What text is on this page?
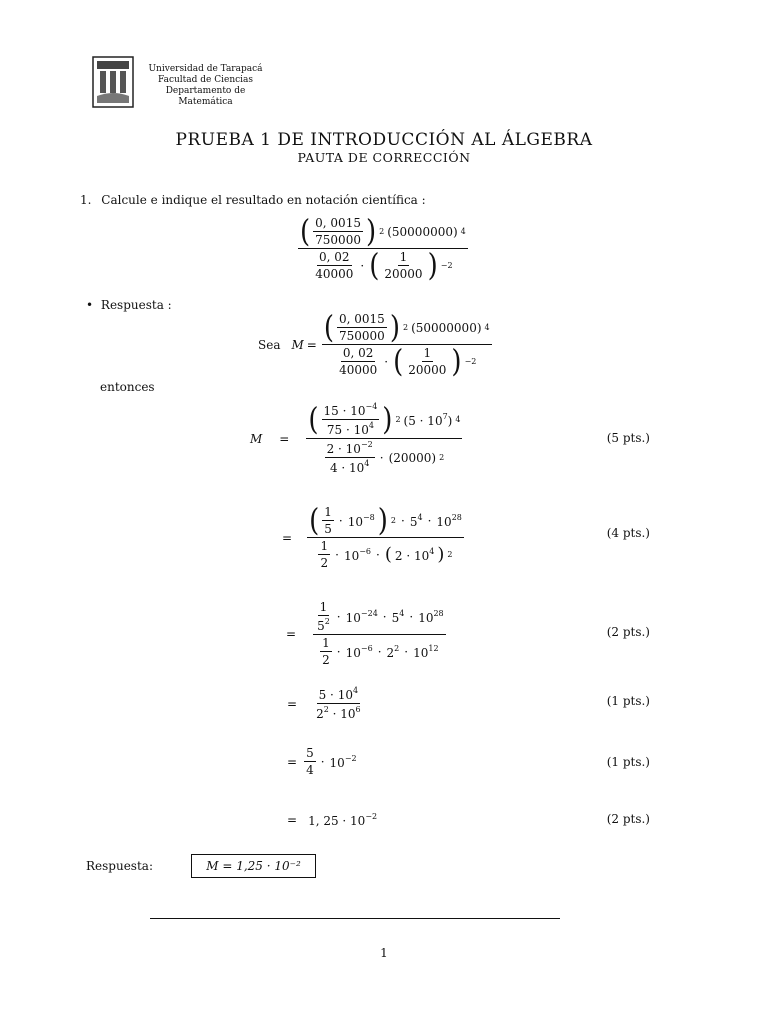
Universidad de Tarapacá
Facultad de Ciencias
Departamento de Matemática
PRUEBA 1 DE INTRODUCCIÓN AL ÁLGEBRA
PAUTA DE CORRECCIÓN
1. Calcule e indique el resultado en notación científica :
$\frac{( \frac{0, 0015}{750000} ) 2 (50000000) 4}{\frac{0, 02}{40000} \cdot ( \frac{1}{20000} ) -2}$
• Respuesta :
Sea $M = \frac{( \frac{0, 0015}{750000} ) 2 (50000000) 4}{\frac{0, 02}{40000} \cdot ( \frac{1}{20000} ) -2}$
entonces
$M = \frac{( \frac{15 \cdot 10^{-4}}{75 \cdot 10^4} ) 2 (5 \cdot 10^7) 4}{\frac{2 \cdot 10^{-2}}{4 \cdot 10^4} \cdot (20000) 2}$	(5 pts.)
= $\frac{( \frac{1}{5} \cdot 10^{-8} ) 2 \cdot 5^4 \cdot 10^{28}}{\frac{1}{2} \cdot 10^{-6} \cdot ( 2 \cdot 10^4 ) 2}$	(4 pts.)
= $\frac{\frac{1}{5^2} \cdot 10^{-24} \cdot 5^4 \cdot 10^{28}}{\frac{1}{2} \cdot 10^{-6} \cdot 2^2 \cdot 10^{12}}$	(2 pts.)
= $\frac{5 \cdot 10^4}{2^2 \cdot 10^6}$	(1 pts.)
= $\frac{5}{4} \cdot 10^{-2}$	(1 pts.)
= 1, $25 \cdot 10^{-2}$	(2 pts.)
Respuesta:	M = 1,25 · 10⁻²
1
